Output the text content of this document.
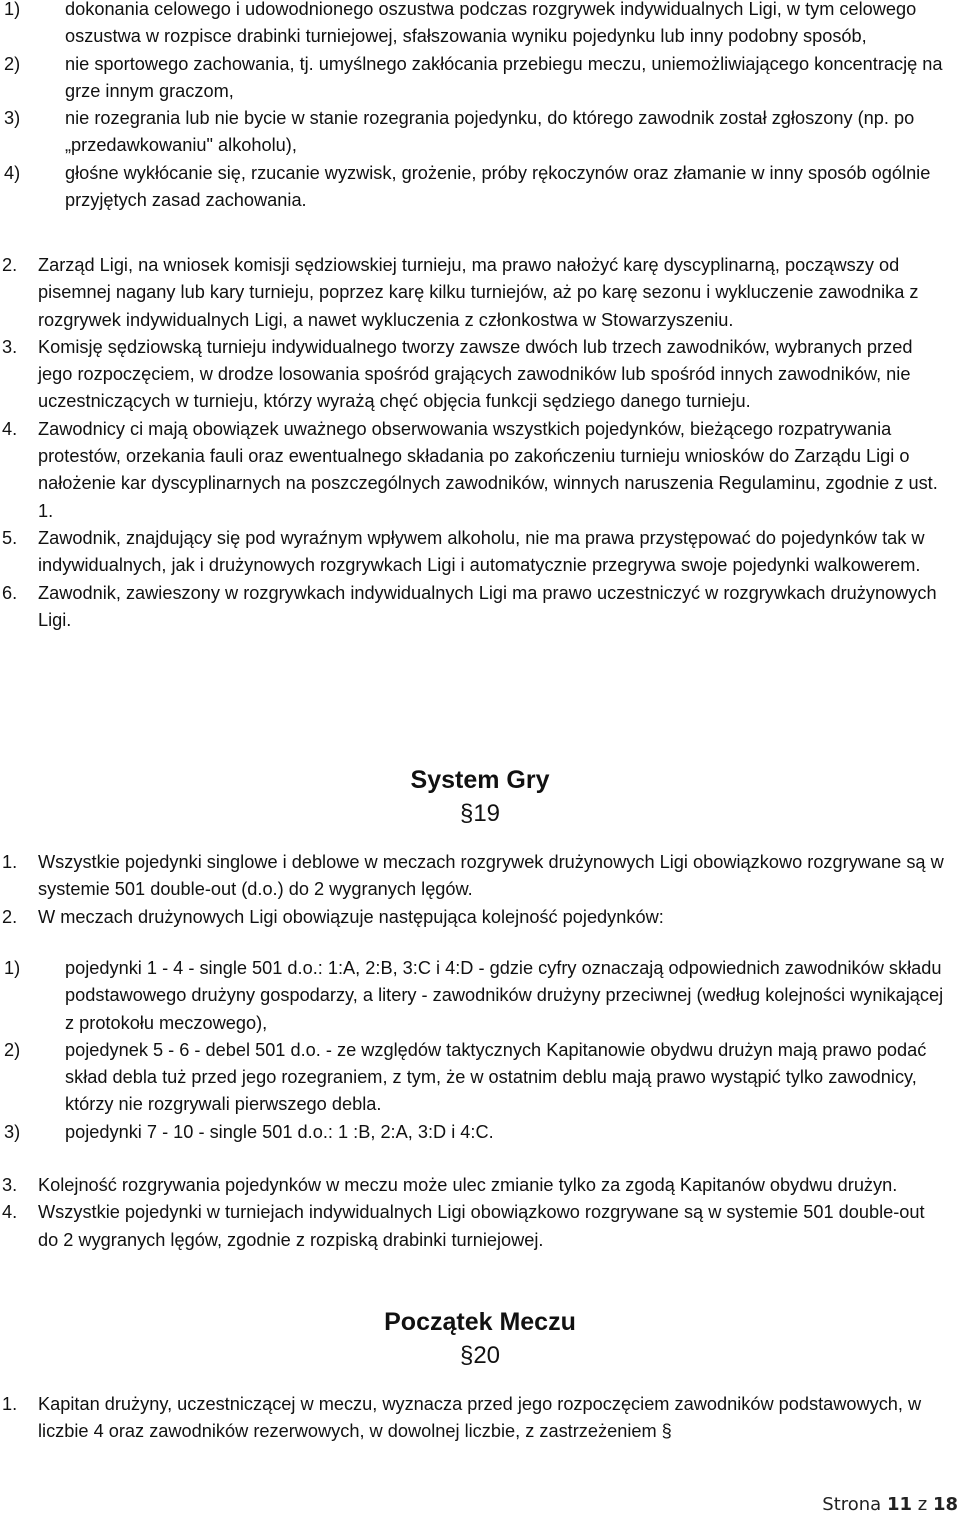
1)	dokonania celowego i udowodnionego oszustwa podczas rozgrywek indywidualnych Ligi, w tym celowego oszustwa w rozpisce drabinki turniejowej, sfałszowania wyniku pojedynku lub inny podobny sposób,
2)	nie sportowego zachowania, tj. umyślnego zakłócania przebiegu meczu, uniemożliwiającego koncentrację na grze innym graczom,
3)	nie rozegrania lub nie bycie w stanie rozegrania pojedynku, do którego zawodnik został zgłoszony (np. po „przedawkowaniu" alkoholu),
4)	głośne wykłócanie się, rzucanie wyzwisk, grożenie, próby rękoczynów oraz złamanie w inny sposób ogólnie przyjętych zasad zachowania.
2.	Zarząd Ligi, na wniosek komisji sędziowskiej turnieju, ma prawo nałożyć karę dyscyplinarną, począwszy od pisemnej nagany lub kary turnieju, poprzez karę kilku turniejów, aż po karę sezonu i wykluczenie zawodnika z rozgrywek indywidualnych Ligi, a nawet wykluczenia z członkostwa w Stowarzyszeniu.
3.	Komisję sędziowską turnieju indywidualnego tworzy zawsze dwóch lub trzech zawodników, wybranych przed jego rozpoczęciem, w drodze losowania spośród grających zawodników lub spośród innych zawodników, nie uczestniczących w turnieju, którzy wyrażą chęć objęcia funkcji sędziego danego turnieju.
4.	Zawodnicy ci mają obowiązek uważnego obserwowania wszystkich pojedynków, bieżącego rozpatrywania protestów, orzekania fauli oraz ewentualnego składania po zakończeniu turnieju wniosków do Zarządu Ligi o nałożenie kar dyscyplinarnych na poszczególnych zawodników, winnych naruszenia Regulaminu, zgodnie z ust. 1.
5.	Zawodnik, znajdujący się pod wyraźnym wpływem alkoholu, nie ma prawa przystępować do pojedynków tak w indywidualnych, jak i drużynowych rozgrywkach Ligi i automatycznie przegrywa swoje pojedynki walkowerem.
6.	Zawodnik, zawieszony w rozgrywkach indywidualnych Ligi ma prawo uczestniczyć w rozgrywkach drużynowych Ligi.
System Gry
§19
1.	Wszystkie pojedynki singlowe i deblowe w meczach rozgrywek drużynowych Ligi obowiązkowo rozgrywane są w systemie 501 double-out (d.o.) do 2 wygranych lęgów.
2.	W meczach drużynowych Ligi obowiązuje następująca kolejność pojedynków:
1)	pojedynki 1 - 4 - single 501 d.o.: 1:A, 2:B, 3:C i 4:D - gdzie cyfry oznaczają odpowiednich zawodników składu podstawowego drużyny gospodarzy, a litery - zawodników drużyny przeciwnej (według kolejności wynikającej z protokołu meczowego),
2)	pojedynek 5 - 6 - debel 501 d.o. - ze względów taktycznych Kapitanowie obydwu drużyn mają prawo podać skład debla tuż przed jego rozegraniem, z tym, że w ostatnim deblu mają prawo wystąpić tylko zawodnicy, którzy nie rozgrywali pierwszego debla.
3)	pojedynki 7 - 10 - single 501 d.o.: 1 :B, 2:A, 3:D i 4:C.
3.	Kolejność rozgrywania pojedynków w meczu może ulec zmianie tylko za zgodą Kapitanów obydwu drużyn.
4.	Wszystkie pojedynki w turniejach indywidualnych Ligi obowiązkowo rozgrywane są w systemie 501 double-out do 2 wygranych lęgów, zgodnie z rozpiską drabinki turniejowej.
Początek Meczu
§20
1.	Kapitan drużyny, uczestniczącej w meczu, wyznacza przed jego rozpoczęciem zawodników podstawowych, w liczbie 4 oraz zawodników rezerwowych, w dowolnej liczbie, z zastrzeżeniem §
Strona 11 z 18
